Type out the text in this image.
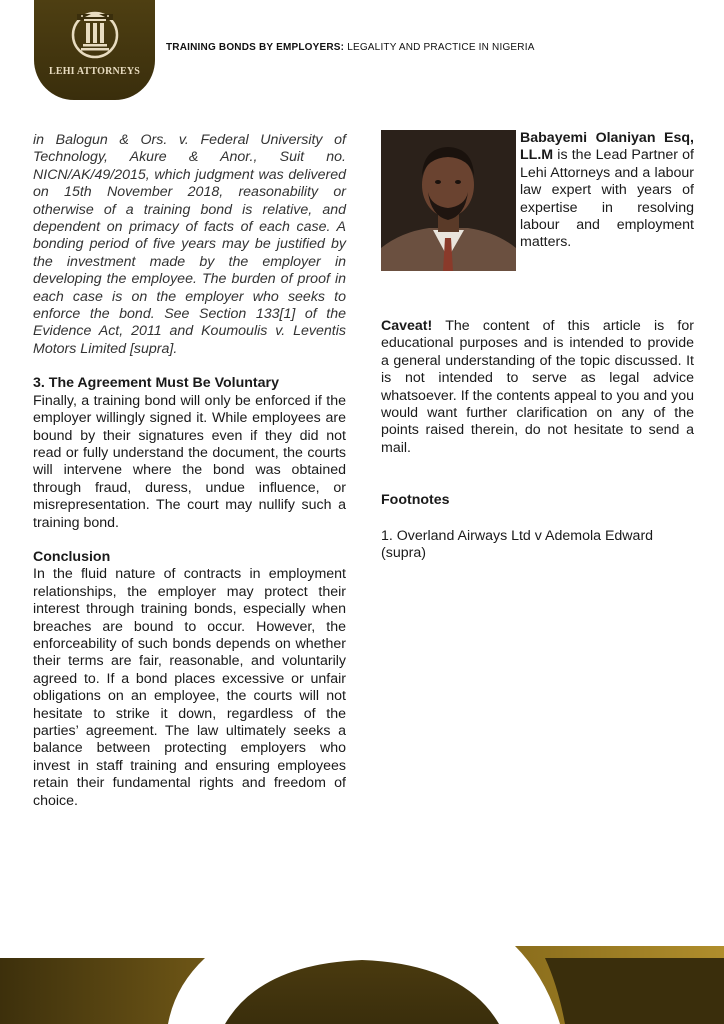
LEHI ATTORNEYS
TRAINING BONDS BY EMPLOYERS: LEGALITY AND PRACTICE IN NIGERIA

in Balogun & Ors. v. Federal University of Technology, Akure & Anor., Suit no. NICN/AK/49/2015, which judgment was delivered on 15th November 2018, reasonability or otherwise of a training bond is relative, and dependent on primacy of facts of each case. A bonding period of five years may be justified by the investment made by the employer in developing the employee. The burden of proof in each case is on the employer who seeks to enforce the bond. See Section 133[1] of the Evidence Act, 2011 and Koumoulis v. Leventis Motors Limited [supra].

3. The Agreement Must Be Voluntary

Finally, a training bond will only be enforced if the employer willingly signed it. While employees are bound by their signatures even if they did not read or fully understand the document, the courts will intervene where the bond was obtained through fraud, duress, undue influence, or misrepresentation. The court may nullify such a training bond.

Conclusion

In the fluid nature of contracts in employment relationships, the employer may protect their interest through training bonds, especially when breaches are bound to occur. However, the enforceability of such bonds depends on whether their terms are fair, reasonable, and voluntarily agreed to. If a bond places excessive or unfair obligations on an employee, the courts will not hesitate to strike it down, regardless of the parties’ agreement. The law ultimately seeks a balance between protecting employers who invest in staff training and ensuring employees retain their fundamental rights and freedom of choice.

Babayemi Olaniyan Esq, LL.M is the Lead Partner of Lehi Attorneys and a labour law expert with years of expertise in resolving labour and employment matters.

Caveat! The content of this article is for educational purposes and is intended to provide a general understanding of the topic discussed. It is not intended to serve as legal advice whatsoever. If the contents appeal to you and you would want further clarification on any of the points raised therein, do not hesitate to send a mail.

Footnotes

1. Overland Airways Ltd v Ademola Edward (supra)
